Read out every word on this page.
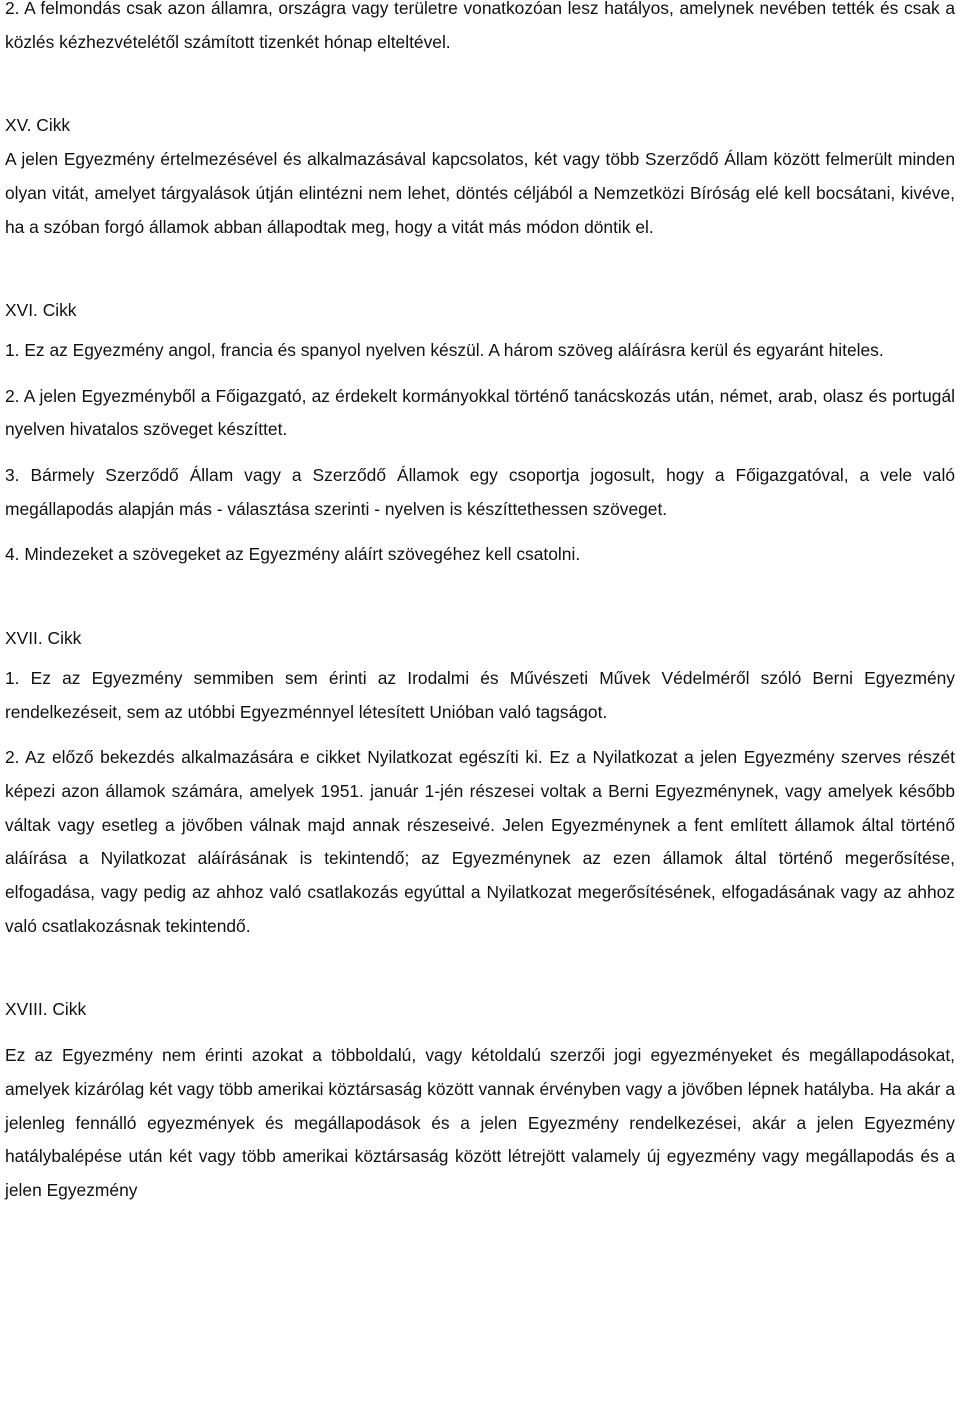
2. A felmondás csak azon államra, országra vagy területre vonatkozóan lesz hatályos, amelynek nevében tették és csak a közlés kézhezvételétől számított tizenkét hónap elteltével.

XV. Cikk

A jelen Egyezmény értelmezésével és alkalmazásával kapcsolatos, két vagy több Szerződő Állam között felmerült minden olyan vitát, amelyet tárgyalások útján elintézni nem lehet, döntés céljából a Nemzetközi Bíróság elé kell bocsátani, kivéve, ha a szóban forgó államok abban állapodtak meg, hogy a vitát más módon döntik el.

XVI. Cikk

1. Ez az Egyezmény angol, francia és spanyol nyelven készül. A három szöveg aláírásra kerül és egyaránt hiteles.

2. A jelen Egyezményből a Főigazgató, az érdekelt kormányokkal történő tanácskozás után, német, arab, olasz és portugál nyelven hivatalos szöveget készíttet.

3. Bármely Szerződő Állam vagy a Szerződő Államok egy csoportja jogosult, hogy a Főigazgatóval, a vele való megállapodás alapján más - választása szerinti - nyelven is készíttethessen szöveget.

4. Mindezeket a szövegeket az Egyezmény aláírt szövegéhez kell csatolni.

XVII. Cikk

1. Ez az Egyezmény semmiben sem érinti az Irodalmi és Művészeti Művek Védelméről szóló Berni Egyezmény rendelkezéseit, sem az utóbbi Egyezménnyel létesített Unióban való tagságot.

2. Az előző bekezdés alkalmazására e cikket Nyilatkozat egészíti ki. Ez a Nyilatkozat a jelen Egyezmény szerves részét képezi azon államok számára, amelyek 1951. január 1-jén részesei voltak a Berni Egyezménynek, vagy amelyek később váltak vagy esetleg a jövőben válnak majd annak részeseivé. Jelen Egyezménynek a fent említett államok által történő aláírása a Nyilatkozat aláírásának is tekintendő; az Egyezménynek az ezen államok által történő megerősítése, elfogadása, vagy pedig az ahhoz való csatlakozás egyúttal a Nyilatkozat megerősítésének, elfogadásának vagy az ahhoz való csatlakozásnak tekintendő.

XVIII. Cikk

Ez az Egyezmény nem érinti azokat a többoldalú, vagy kétoldalú szerzői jogi egyezményeket és megállapodásokat, amelyek kizárólag két vagy több amerikai köztársaság között vannak érvényben vagy a jövőben lépnek hatályba. Ha akár a jelenleg fennálló egyezmények és megállapodások és a jelen Egyezmény rendelkezései, akár a jelen Egyezmény hatálybalépése után két vagy több amerikai köztársaság között létrejött valamely új egyezmény vagy megállapodás és a jelen Egyezmény
